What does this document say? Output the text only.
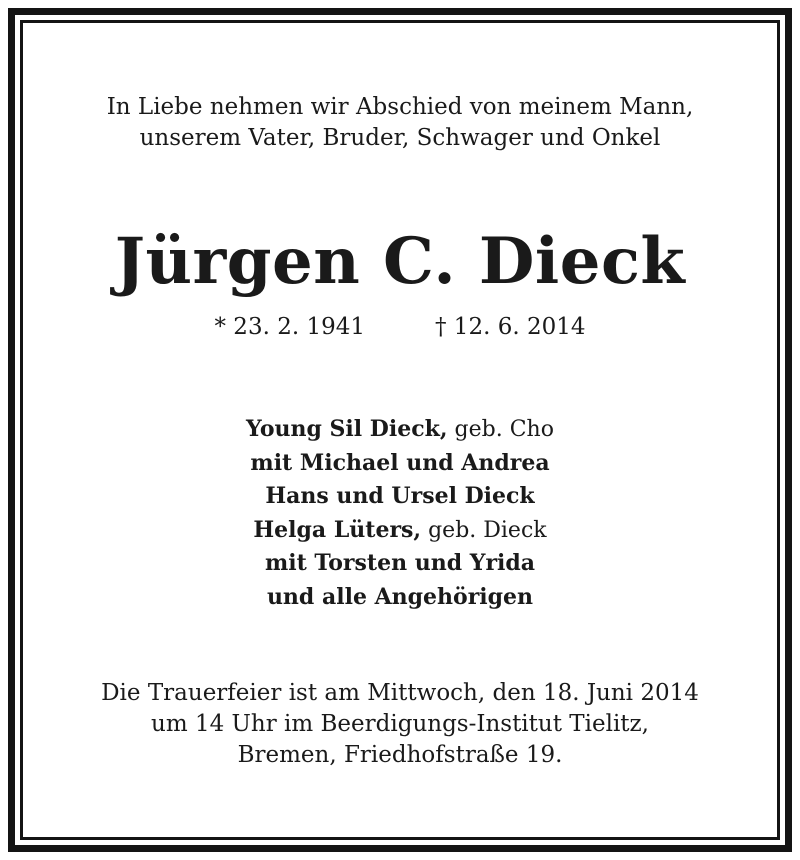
In Liebe nehmen wir Abschied von meinem Mann,
unserem Vater, Bruder, Schwager und Onkel
Jürgen C. Dieck
* 23. 2. 1941	† 12. 6. 2014
Young Sil Dieck, geb. Cho
mit Michael und Andrea
Hans und Ursel Dieck
Helga Lüters, geb. Dieck
mit Torsten und Yrida
und alle Angehörigen
Die Trauerfeier ist am Mittwoch, den 18. Juni 2014
um 14 Uhr im Beerdigungs-Institut Tielitz,
Bremen, Friedhofstraße 19.
